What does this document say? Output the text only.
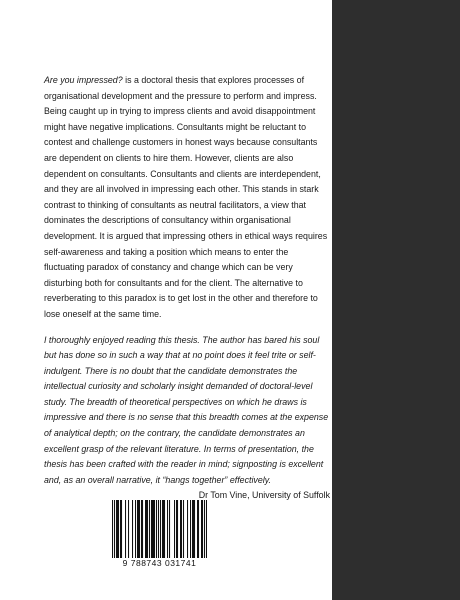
Are you impressed? is a doctoral thesis that explores processes of organisational development and the pressure to perform and impress. Being caught up in trying to impress clients and avoid disappointment might have negative implications. Consultants might be reluctant to contest and challenge customers in honest ways because consultants are dependent on clients to hire them. However, clients are also dependent on consultants. Consultants and clients are interdependent, and they are all involved in impressing each other. This stands in stark contrast to thinking of consultants as neutral facilitators, a view that dominates the descriptions of consultancy within organisational development. It is argued that impressing others in ethical ways requires self-awareness and taking a position which means to enter the fluctuating paradox of constancy and change which can be very disturbing both for consultants and for the client. The alternative to reverberating to this paradox is to get lost in the other and therefore to lose oneself at the same time.

I thoroughly enjoyed reading this thesis. The author has bared his soul but has done so in such a way that at no point does it feel trite or self-indulgent. There is no doubt that the candidate demonstrates the intellectual curiosity and scholarly insight demanded of doctoral-level study. The breadth of theoretical perspectives on which he draws is impressive and there is no sense that this breadth comes at the expense of analytical depth; on the contrary, the candidate demonstrates an excellent grasp of the relevant literature. In terms of presentation, the thesis has been crafted with the reader in mind; signposting is excellent and, as an overall narrative, it “hangs together” effectively.

Dr Tom Vine, University of Suffolk

9 788743 031741
